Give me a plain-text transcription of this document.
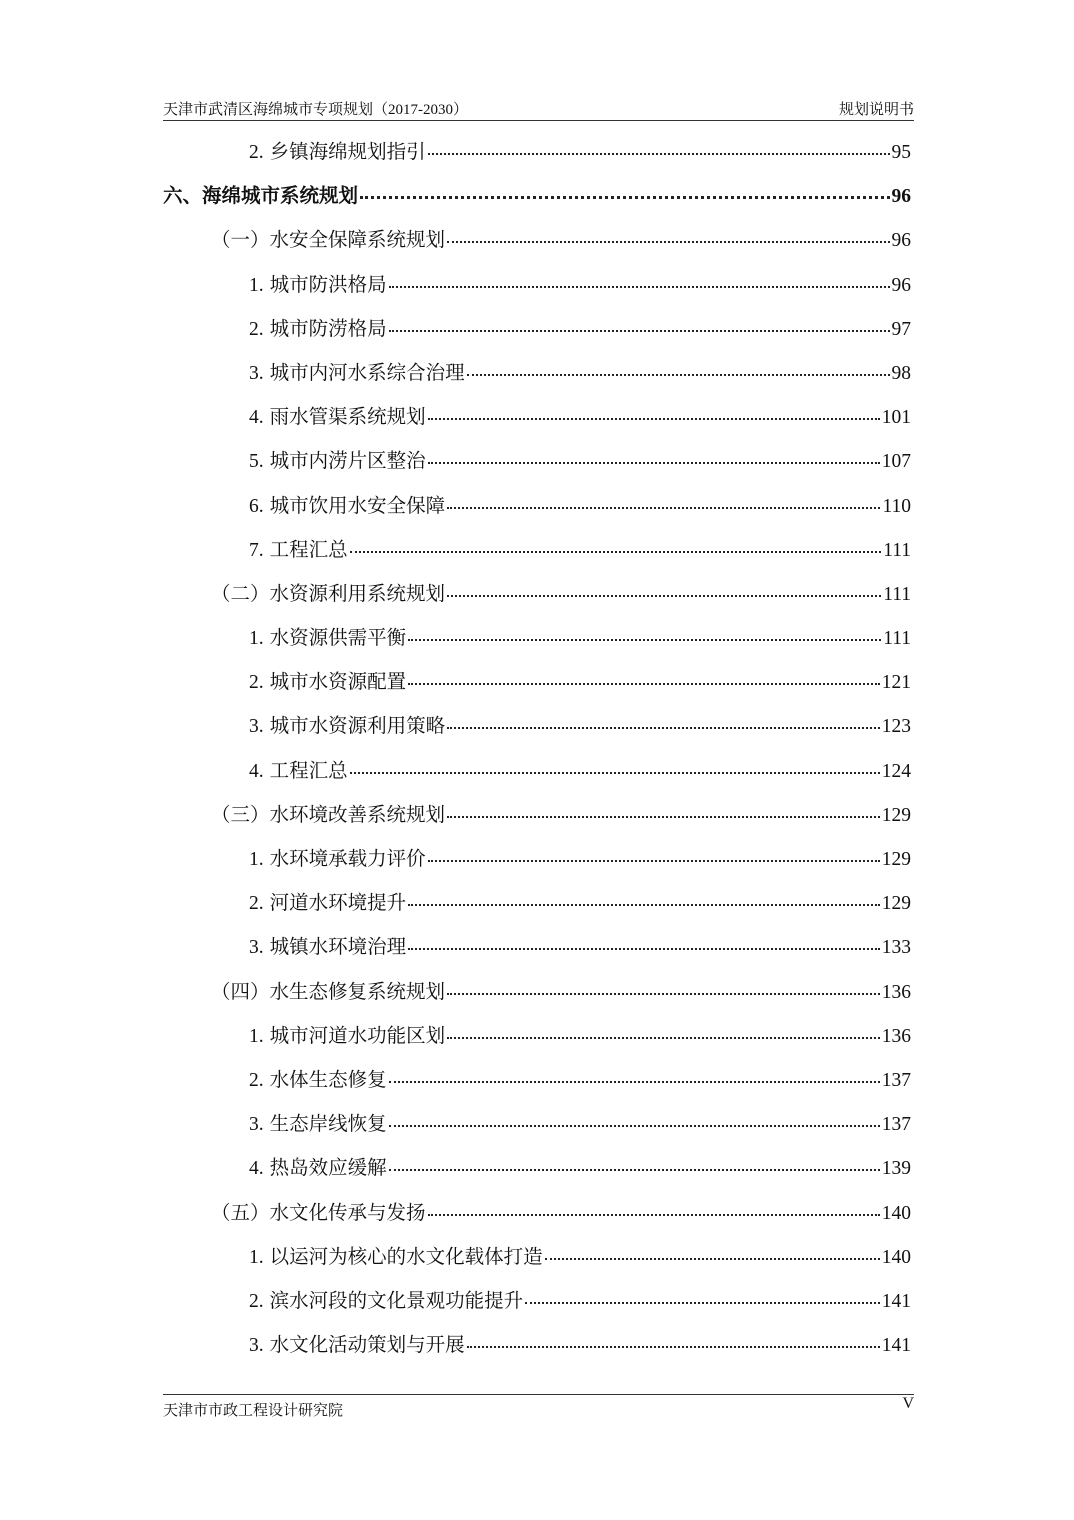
天津市武清区海绵城市专项规划（2017-2030）	规划说明书
2. 乡镇海绵规划指引	95
六、海绵城市系统规划	96
（一）水安全保障系统规划	96
1. 城市防洪格局	96
2. 城市防涝格局	97
3. 城市内河水系综合治理	98
4. 雨水管渠系统规划	101
5. 城市内涝片区整治	107
6. 城市饮用水安全保障	110
7. 工程汇总	111
（二）水资源利用系统规划	111
1. 水资源供需平衡	111
2. 城市水资源配置	121
3. 城市水资源利用策略	123
4. 工程汇总	124
（三）水环境改善系统规划	129
1. 水环境承载力评价	129
2. 河道水环境提升	129
3. 城镇水环境治理	133
（四）水生态修复系统规划	136
1. 城市河道水功能区划	136
2. 水体生态修复	137
3. 生态岸线恢复	137
4. 热岛效应缓解	139
（五）水文化传承与发扬	140
1. 以运河为核心的水文化载体打造	140
2. 滨水河段的文化景观功能提升	141
3. 水文化活动策划与开展	141
天津市市政工程设计研究院	V
